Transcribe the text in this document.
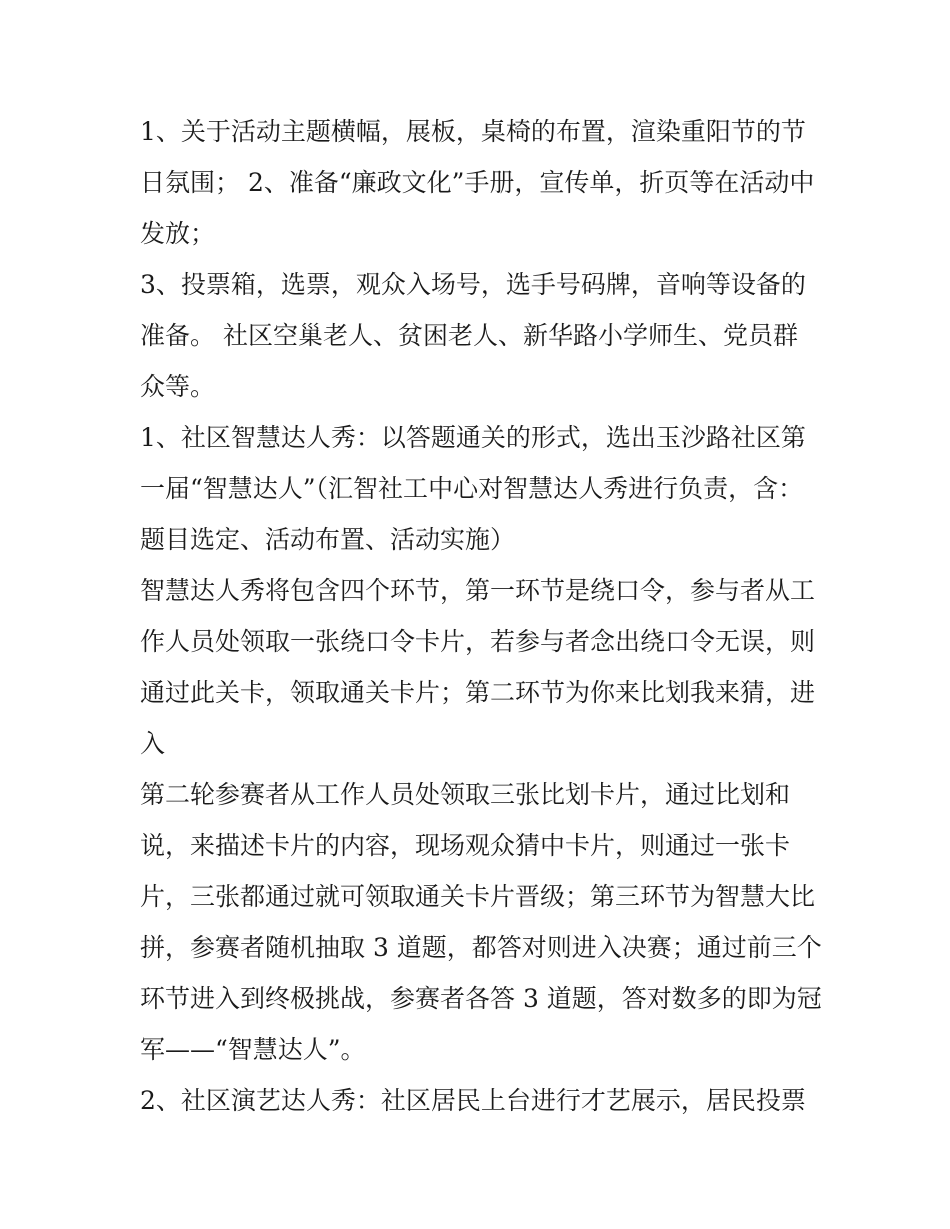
1、关于活动主题横幅，展板，桌椅的布置，渲染重阳节的节
日氛围； 2、准备“廉政文化”手册，宣传单，折页等在活动中
发放；
3、投票箱，选票，观众入场号，选手号码牌，音响等设备的
准备。 社区空巢老人、贫困老人、新华路小学师生、党员群
众等。
1、社区智慧达人秀：以答题通关的形式，选出玉沙路社区第
一届“智慧达人”（汇智社工中心对智慧达人秀进行负责，含：
题目选定、活动布置、活动实施）
智慧达人秀将包含四个环节，第一环节是绕口令，参与者从工
作人员处领取一张绕口令卡片，若参与者念出绕口令无误，则
通过此关卡，领取通关卡片；第二环节为你来比划我来猜，进
入
第二轮参赛者从工作人员处领取三张比划卡片，通过比划和
说，来描述卡片的内容，现场观众猜中卡片，则通过一张卡
片，三张都通过就可领取通关卡片晋级；第三环节为智慧大比
拼，参赛者随机抽取 3 道题，都答对则进入决赛；通过前三个
环节进入到终极挑战，参赛者各答 3 道题，答对数多的即为冠
军——“智慧达人”。
2、社区演艺达人秀：社区居民上台进行才艺展示，居民投票
